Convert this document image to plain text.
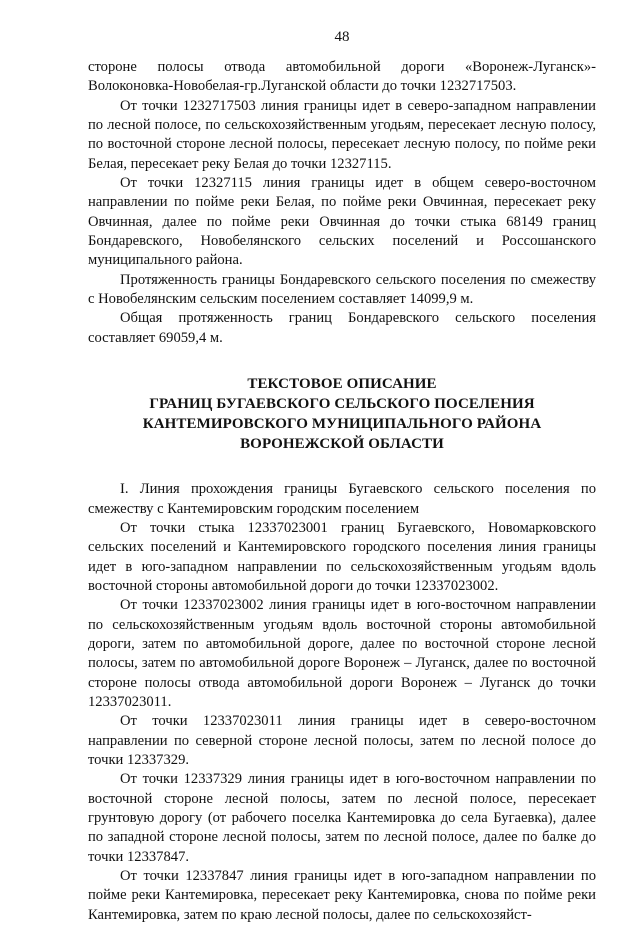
48

стороне полосы отвода автомобильной дороги «Воронеж-Луганск»- Волоконовка-Новобелая-гр.Луганской области до точки 1232717503.

От точки 1232717503 линия границы идет в северо-западном направлении по лесной полосе, по сельскохозяйственным угодьям, пересекает лесную полосу, по восточной стороне лесной полосы, пересекает лесную полосу, по пойме реки Белая, пересекает реку Белая до точки 12327115.

От точки 12327115 линия границы идет в общем северо-восточном направлении по пойме реки Белая, по пойме реки Овчинная, пересекает реку Овчинная, далее по пойме реки Овчинная до точки стыка 68149 границ Бондаревского, Новобелянского сельских поселений и Россошанского муниципального района.

Протяженность границы Бондаревского сельского поселения по смежеству с Новобелянским сельским поселением составляет 14099,9 м.

Общая протяженность границ Бондаревского сельского поселения составляет 69059,4 м.

ТЕКСТОВОЕ ОПИСАНИЕ
ГРАНИЦ БУГАЕВСКОГО СЕЛЬСКОГО ПОСЕЛЕНИЯ
КАНТЕМИРОВСКОГО МУНИЦИПАЛЬНОГО РАЙОНА
ВОРОНЕЖСКОЙ ОБЛАСТИ

I. Линия прохождения границы Бугаевского сельского поселения по смежеству с Кантемировским городским поселением

От точки стыка 12337023001 границ Бугаевского, Новомарковского сельских поселений и Кантемировского городского поселения линия границы идет в юго-западном направлении по сельскохозяйственным угодьям вдоль восточной стороны автомобильной дороги до точки 12337023002.

От точки 12337023002 линия границы идет в юго-восточном направлении по сельскохозяйственным угодьям вдоль восточной стороны автомобильной дороги, затем по автомобильной дороге, далее по восточной стороне лесной полосы, затем по автомобильной дороге Воронеж – Луганск, далее по восточной стороне полосы отвода автомобильной дороги Воронеж – Луганск до точки 12337023011.

От точки 12337023011 линия границы идет в северо-восточном направлении по северной стороне лесной полосы, затем по лесной полосе до точки 12337329.

От точки 12337329 линия границы идет в юго-восточном направлении по восточной стороне лесной полосы, затем по лесной полосе, пересекает грунтовую дорогу (от рабочего поселка Кантемировка до села Бугаевка), далее по западной стороне лесной полосы, затем по лесной полосе, далее по балке до точки 12337847.

От точки 12337847 линия границы идет в юго-западном направлении по пойме реки Кантемировка, пересекает реку Кантемировка, снова по пойме реки Кантемировка, затем по краю лесной полосы, далее по сельскохозяйст-
